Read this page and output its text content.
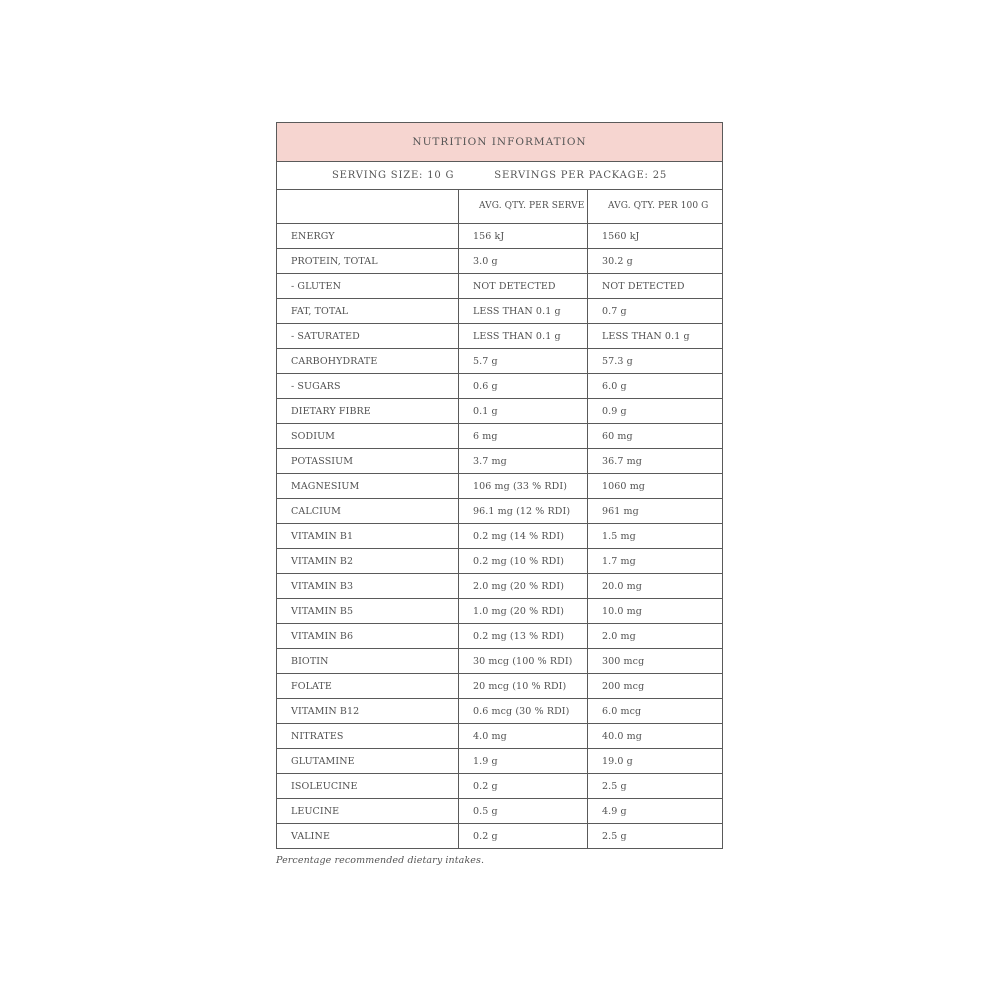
NUTRITION INFORMATION		
SERVING SIZE: 10 G SERVINGS PER PACKAGE: 25		
	AVG. QTY. PER SERVE	AVG. QTY. PER 100 G
ENERGY	156 kJ	1560 kJ
PROTEIN, TOTAL	3.0 g	30.2 g
- GLUTEN	NOT DETECTED	NOT DETECTED
FAT, TOTAL	LESS THAN 0.1 g	0.7 g
- SATURATED	LESS THAN 0.1 g	LESS THAN 0.1 g
CARBOHYDRATE	5.7 g	57.3 g
- SUGARS	0.6 g	6.0 g
DIETARY FIBRE	0.1 g	0.9 g
SODIUM	6 mg	60 mg
POTASSIUM	3.7 mg	36.7 mg
MAGNESIUM	106 mg (33 % RDI)	1060 mg
CALCIUM	96.1 mg (12 % RDI)	961 mg
VITAMIN B1	0.2 mg (14 % RDI)	1.5 mg
VITAMIN B2	0.2 mg (10 % RDI)	1.7 mg
VITAMIN B3	2.0 mg (20 % RDI)	20.0 mg
VITAMIN B5	1.0 mg (20 % RDI)	10.0 mg
VITAMIN B6	0.2 mg (13 % RDI)	2.0 mg
BIOTIN	30 mcg (100 % RDI)	300 mcg
FOLATE	20 mcg (10 % RDI)	200 mcg
VITAMIN B12	0.6 mcg (30 % RDI)	6.0 mcg
NITRATES	4.0 mg	40.0 mg
GLUTAMINE	1.9 g	19.0 g
ISOLEUCINE	0.2 g	2.5 g
LEUCINE	0.5 g	4.9 g
VALINE	0.2 g	2.5 g
Percentage recommended dietary intakes.
